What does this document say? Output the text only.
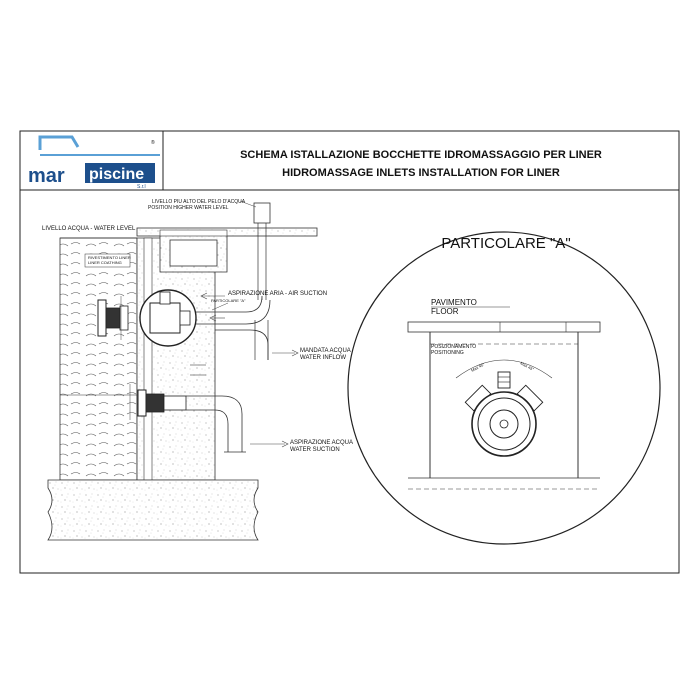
®
mar piscine
S.r.l
SCHEMA ISTALLAZIONE BOCCHETTE IDROMASSAGGIO PER LINER
HIDROMASSAGE INLETS INSTALLATION FOR LINER
LIVELLO PIU ALTO DEL PELO D'ACQUA
POSITION HIGHER WATER LEVEL
LIVELLO ACQUA - WATER LEVEL
RIVESTIMENTO LINER
LINER COATHING
PARTICOLARE "A"
ASPIRAZIONE ARIA - AIR SUCTION
MANDATA ACQUA
WATER INFLOW
ASPIRAZIONE ACQUA
WATER SUCTION
PARTICOLARE "A"
PAVIMENTO
FLOOR
POSIZIONAMENTO
POSITIONING
Max 45°	Max 45°
